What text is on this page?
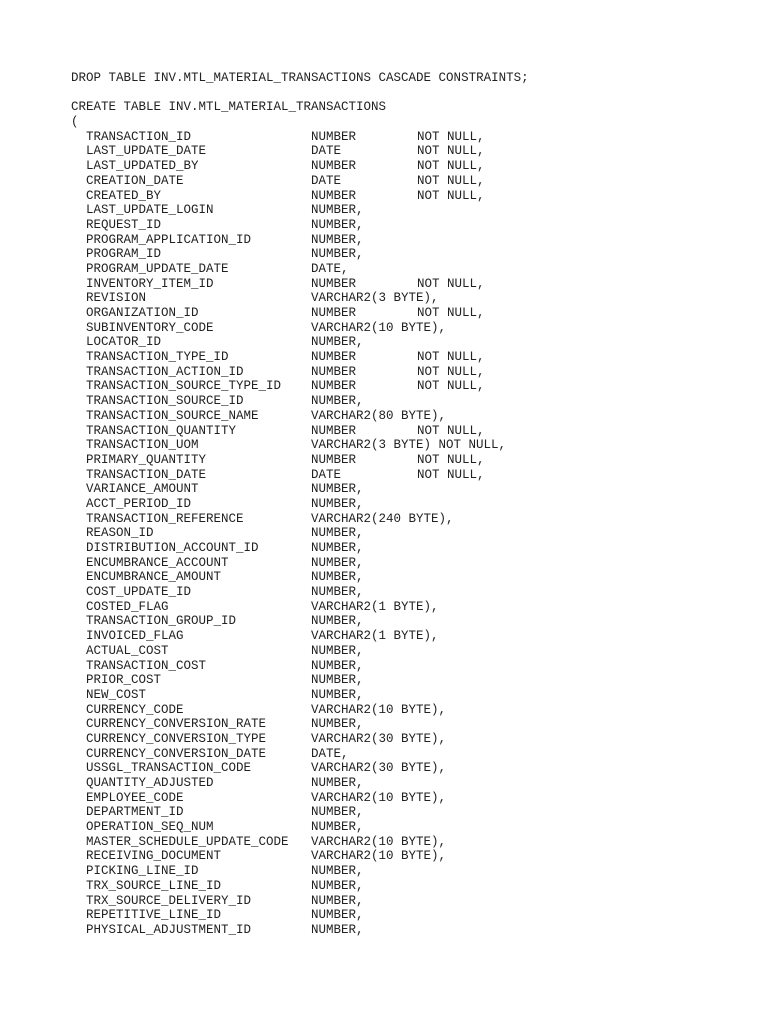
DROP TABLE INV.MTL_MATERIAL_TRANSACTIONS CASCADE CONSTRAINTS;
CREATE TABLE INV.MTL_MATERIAL_TRANSACTIONS
(
TRANSACTION_ID	NUMBER	NOT NULL,
LAST_UPDATE_DATE	DATE	NOT NULL,
LAST_UPDATED_BY	NUMBER	NOT NULL,
CREATION_DATE	DATE	NOT NULL,
CREATED_BY	NUMBER	NOT NULL,
LAST_UPDATE_LOGIN	NUMBER,
REQUEST_ID	NUMBER,
PROGRAM_APPLICATION_ID	NUMBER,
PROGRAM_ID	NUMBER,
PROGRAM_UPDATE_DATE	DATE,
INVENTORY_ITEM_ID	NUMBER	NOT NULL,
REVISION	VARCHAR2(3 BYTE),
ORGANIZATION_ID	NUMBER	NOT NULL,
SUBINVENTORY_CODE	VARCHAR2(10 BYTE),
LOCATOR_ID	NUMBER,
TRANSACTION_TYPE_ID	NUMBER	NOT NULL,
TRANSACTION_ACTION_ID	NUMBER	NOT NULL,
TRANSACTION_SOURCE_TYPE_ID	NUMBER	NOT NULL,
TRANSACTION_SOURCE_ID	NUMBER,
TRANSACTION_SOURCE_NAME	VARCHAR2(80 BYTE),
TRANSACTION_QUANTITY	NUMBER	NOT NULL,
TRANSACTION_UOM	VARCHAR2(3 BYTE) NOT NULL,
PRIMARY_QUANTITY	NUMBER	NOT NULL,
TRANSACTION_DATE	DATE	NOT NULL,
VARIANCE_AMOUNT	NUMBER,
ACCT_PERIOD_ID	NUMBER,
TRANSACTION_REFERENCE	VARCHAR2(240 BYTE),
REASON_ID	NUMBER,
DISTRIBUTION_ACCOUNT_ID	NUMBER,
ENCUMBRANCE_ACCOUNT	NUMBER,
ENCUMBRANCE_AMOUNT	NUMBER,
COST_UPDATE_ID	NUMBER,
COSTED_FLAG	VARCHAR2(1 BYTE),
TRANSACTION_GROUP_ID	NUMBER,
INVOICED_FLAG	VARCHAR2(1 BYTE),
ACTUAL_COST	NUMBER,
TRANSACTION_COST	NUMBER,
PRIOR_COST	NUMBER,
NEW_COST	NUMBER,
CURRENCY_CODE	VARCHAR2(10 BYTE),
CURRENCY_CONVERSION_RATE	NUMBER,
CURRENCY_CONVERSION_TYPE	VARCHAR2(30 BYTE),
CURRENCY_CONVERSION_DATE	DATE,
USSGL_TRANSACTION_CODE	VARCHAR2(30 BYTE),
QUANTITY_ADJUSTED	NUMBER,
EMPLOYEE_CODE	VARCHAR2(10 BYTE),
DEPARTMENT_ID	NUMBER,
OPERATION_SEQ_NUM	NUMBER,
MASTER_SCHEDULE_UPDATE_CODE	VARCHAR2(10 BYTE),
RECEIVING_DOCUMENT	VARCHAR2(10 BYTE),
PICKING_LINE_ID	NUMBER,
TRX_SOURCE_LINE_ID	NUMBER,
TRX_SOURCE_DELIVERY_ID	NUMBER,
REPETITIVE_LINE_ID	NUMBER,
PHYSICAL_ADJUSTMENT_ID	NUMBER,
